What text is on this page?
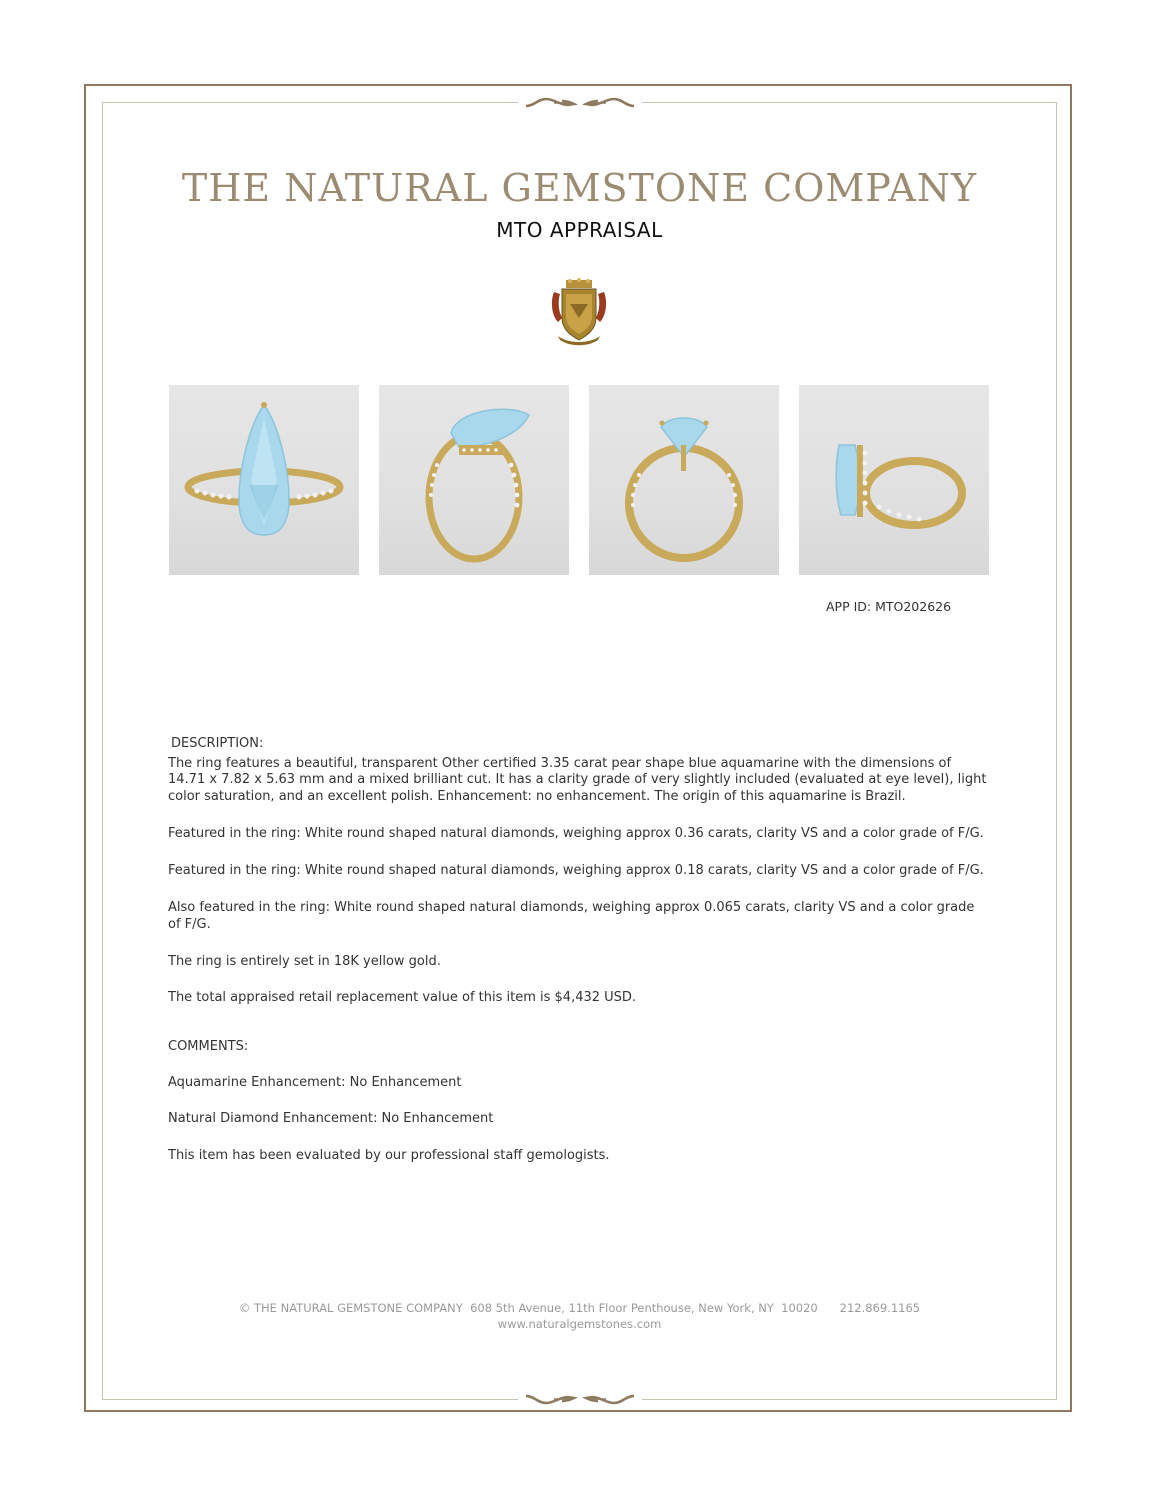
THE NATURAL GEMSTONE COMPANY
MTO APPRAISAL
APP ID: MTO202626

DESCRIPTION:

The ring features a beautiful, transparent Other certified 3.35 carat pear shape blue aquamarine with the dimensions of 14.71 x 7.82 x 5.63 mm and a mixed brilliant cut. It has a clarity grade of very slightly included (evaluated at eye level), light color saturation, and an excellent polish. Enhancement: no enhancement. The origin of this aquamarine is Brazil.

Featured in the ring: White round shaped natural diamonds, weighing approx 0.36 carats, clarity VS and a color grade of F/G.

Featured in the ring: White round shaped natural diamonds, weighing approx 0.18 carats, clarity VS and a color grade of F/G.

Also featured in the ring: White round shaped natural diamonds, weighing approx 0.065 carats, clarity VS and a color grade of F/G.

The ring is entirely set in 18K yellow gold.

The total appraised retail replacement value of this item is $4,432 USD.

COMMENTS:

Aquamarine Enhancement: No Enhancement

Natural Diamond Enhancement: No Enhancement

This item has been evaluated by our professional staff gemologists.

© THE NATURAL GEMSTONE COMPANY  608 5th Avenue, 11th Floor Penthouse, New York, NY  10020      212.869.1165
www.naturalgemstones.com
